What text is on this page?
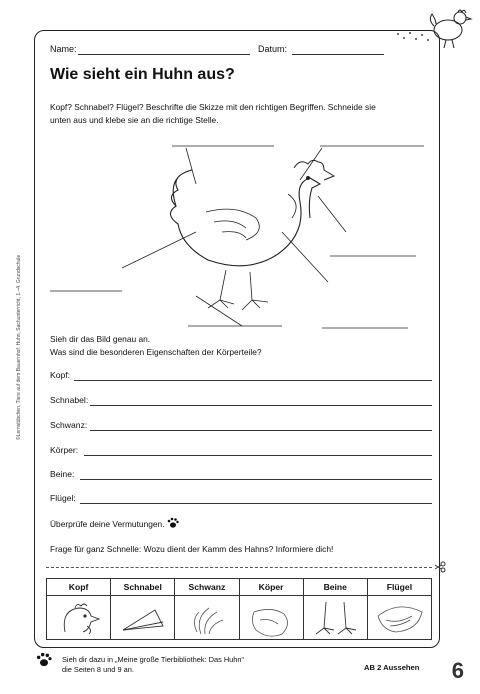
©Lernstübchen, Tiere auf dem Bauernhof: Huhn, Sachunterricht, 1.–4. Grundschule
Name:	Datum:
Wie sieht ein Huhn aus?
Kopf? Schnabel? Flügel? Beschrifte die Skizze mit den richtigen Begriffen. Schneide sie
unten aus und klebe sie an die richtige Stelle.
Sieh dir das Bild genau an.
Was sind die besonderen Eigenschaften der Körperteile?
Kopf:
Schnabel:
Schwanz:
Körper:
Beine:
Flügel:
Überprüfe deine Vermutungen.
Frage für ganz Schnelle: Wozu dient der Kamm des Hahns? Informiere dich!
Kopf	Schnabel	Schwanz	Köper	Beine	Flügel
Sieh dir dazu in „Meine große Tierbibliothek: Das Huhn“
die Seiten 8 und 9 an.	AB 2 Aussehen 6
